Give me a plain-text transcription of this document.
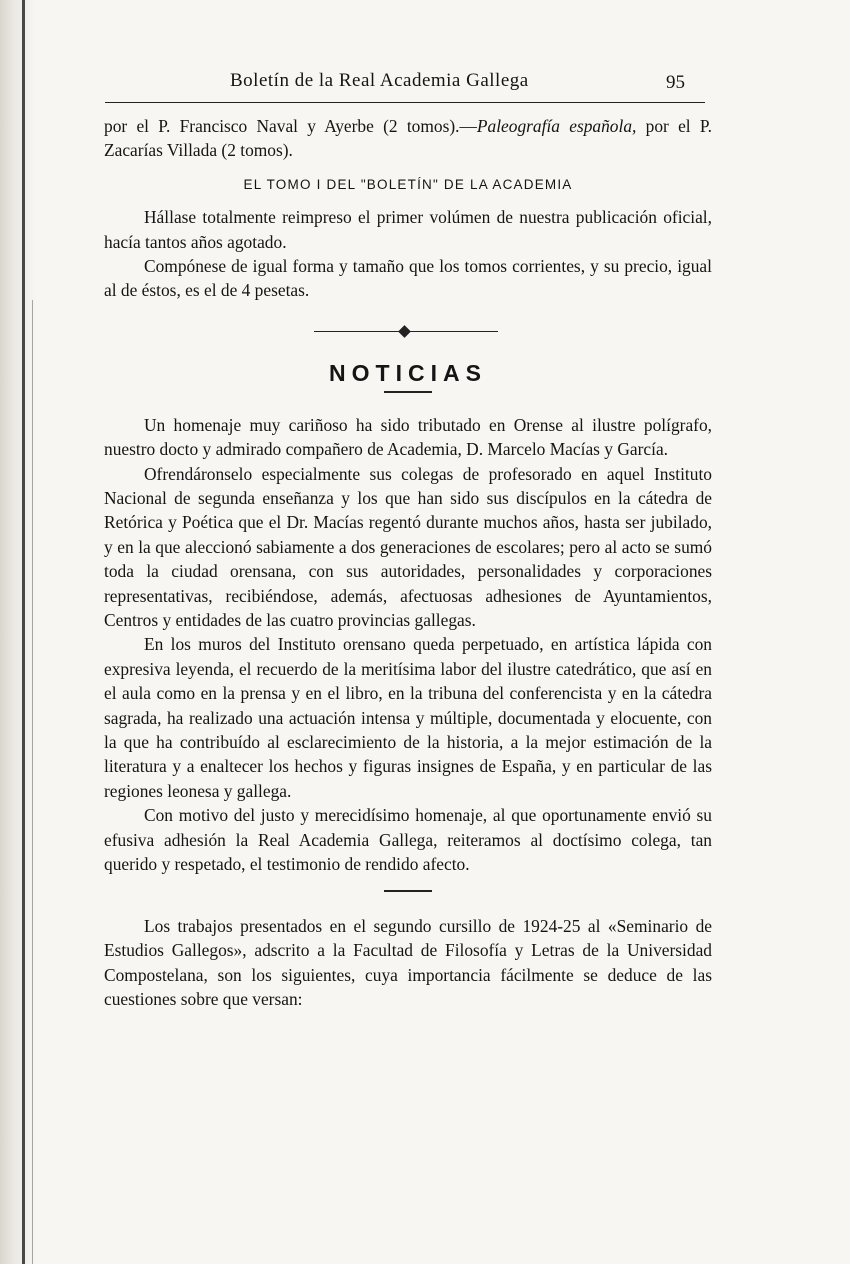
Boletín de la Real Academia Gallega	95

por el P. Francisco Naval y Ayerbe (2 tomos).—Paleografía española, por el P. Zacarías Villada (2 tomos).

EL TOMO I DEL "BOLETÍN" DE LA ACADEMIA

Hállase totalmente reimpreso el primer volúmen de nuestra publicación oficial, hacía tantos años agotado.

Compónese de igual forma y tamaño que los tomos corrientes, y su precio, igual al de éstos, es el de 4 pesetas.

NOTICIAS

Un homenaje muy cariñoso ha sido tributado en Orense al ilustre polígrafo, nuestro docto y admirado compañero de Academia, D. Marcelo Macías y García.

Ofrendáronselo especialmente sus colegas de profesorado en aquel Instituto Nacional de segunda enseñanza y los que han sido sus discípulos en la cátedra de Retórica y Poética que el Dr. Macías regentó durante muchos años, hasta ser jubilado, y en la que aleccionó sabiamente a dos generaciones de escolares; pero al acto se sumó toda la ciudad orensana, con sus autoridades, personalidades y corporaciones representativas, recibiéndose, además, afectuosas adhesiones de Ayuntamientos, Centros y entidades de las cuatro provincias gallegas.

En los muros del Instituto orensano queda perpetuado, en artística lápida con expresiva leyenda, el recuerdo de la meritísima labor del ilustre catedrático, que así en el aula como en la prensa y en el libro, en la tribuna del conferencista y en la cátedra sagrada, ha realizado una actuación intensa y múltiple, documentada y elocuente, con la que ha contribuído al esclarecimiento de la historia, a la mejor estimación de la literatura y a enaltecer los hechos y figuras insignes de España, y en particular de las regiones leonesa y gallega.

Con motivo del justo y merecidísimo homenaje, al que oportunamente envió su efusiva adhesión la Real Academia Gallega, reiteramos al doctísimo colega, tan querido y respetado, el testimonio de rendido afecto.

Los trabajos presentados en el segundo cursillo de 1924-25 al «Seminario de Estudios Gallegos», adscrito a la Facultad de Filosofía y Letras de la Universidad Compostelana, son los siguientes, cuya importancia fácilmente se deduce de las cuestiones sobre que versan:
